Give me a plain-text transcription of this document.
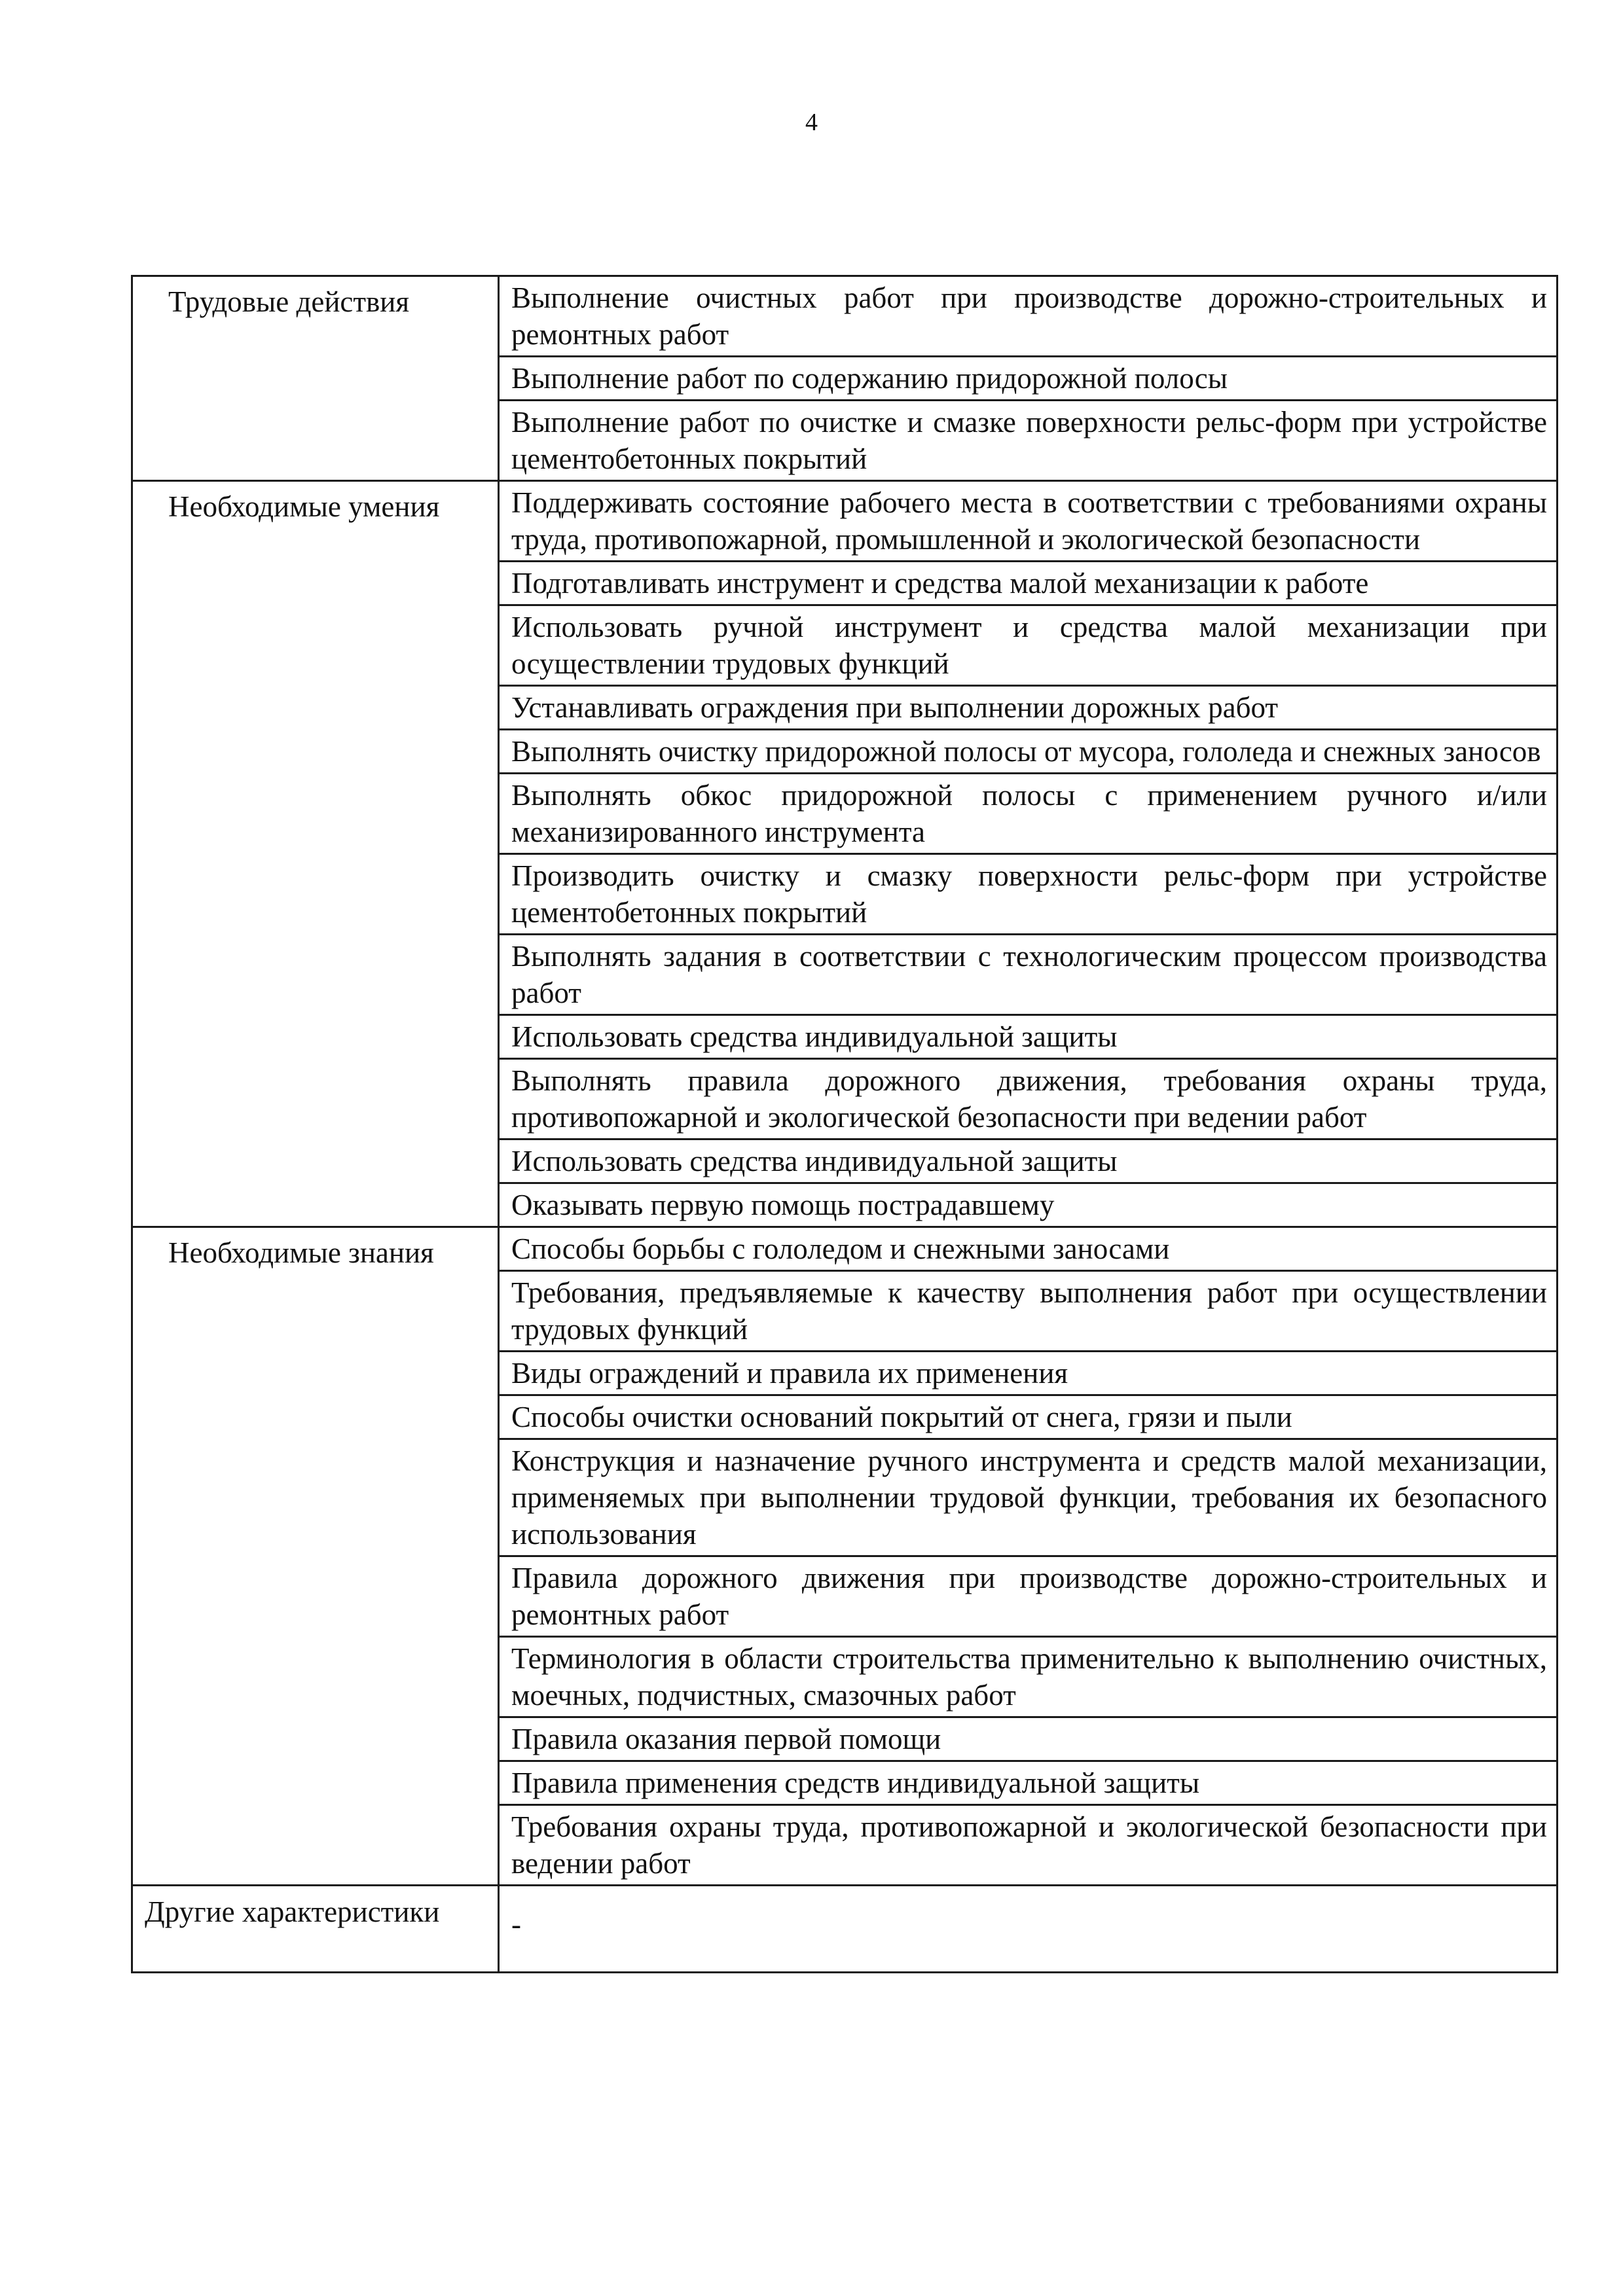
4
Трудовые действия	Выполнение очистных работ при производстве дорожно-строительных и ремонтных работ
Выполнение работ по содержанию придорожной полосы
Выполнение работ по очистке и смазке поверхности рельс-форм при устройстве цементобетонных покрытий
Необходимые умения	Поддерживать состояние рабочего места в соответствии с требованиями охраны труда, противопожарной, промышленной и экологической безопасности
Подготавливать инструмент и средства малой механизации к работе
Использовать ручной инструмент и средства малой механизации при осуществлении трудовых функций
Устанавливать ограждения при выполнении дорожных работ
Выполнять очистку придорожной полосы от мусора, гололеда и снежных заносов
Выполнять обкос придорожной полосы с применением ручного и/или механизированного инструмента
Производить очистку и смазку поверхности рельс-форм при устройстве цементобетонных покрытий
Выполнять задания в соответствии с технологическим процессом производства работ
Использовать средства индивидуальной защиты
Выполнять правила дорожного движения, требования охраны труда, противопожарной и экологической безопасности при ведении работ
Использовать средства индивидуальной защиты
Оказывать первую помощь пострадавшему
Необходимые знания	Способы борьбы с гололедом и снежными заносами
Требования, предъявляемые к качеству выполнения работ при осуществлении трудовых функций
Виды ограждений и правила их применения
Способы очистки оснований покрытий от снега, грязи и пыли
Конструкция и назначение ручного инструмента и средств малой механизации, применяемых при выполнении трудовой функции, требования их безопасного использования
Правила дорожного движения при производстве дорожно-строительных и ремонтных работ
Терминология в области строительства применительно к выполнению очистных, моечных, подчистных, смазочных работ
Правила оказания первой помощи
Правила применения средств индивидуальной защиты
Требования охраны труда, противопожарной и экологической безопасности при ведении работ
Другие характеристики	-
